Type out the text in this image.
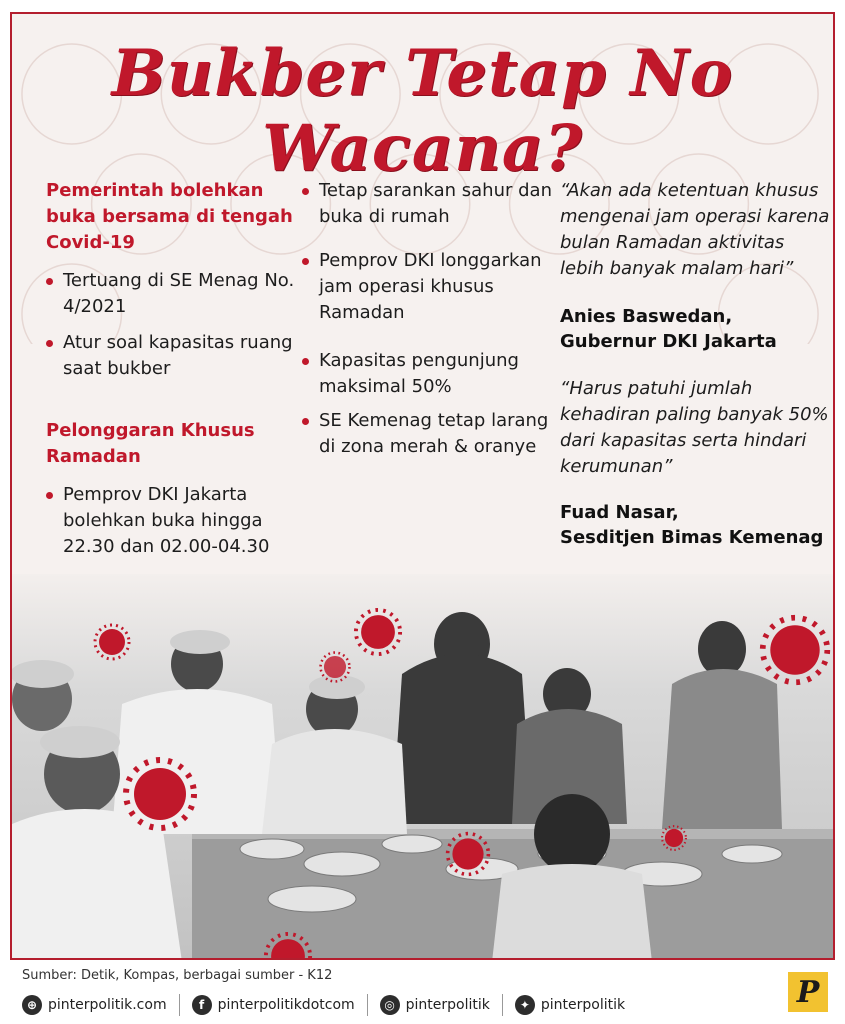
Bukber Tetap No Wacana?
Pemerintah bolehkan buka bersama di tengah Covid-19
Tertuang di SE Menag No. 4/2021
Atur soal kapasitas ruang saat bukber
Pelonggaran Khusus Ramadan
Pemprov DKI Jakarta bolehkan buka hingga 22.30 dan 02.00-04.30
Tetap sarankan sahur dan buka di rumah
Pemprov DKI longgarkan jam operasi khusus Ramadan
Kapasitas pengunjung maksimal 50%
SE Kemenag tetap larang di zona merah & oranye
“Akan ada ketentuan khusus mengenai jam operasi karena bulan Ramadan aktivitas lebih banyak malam hari”
Anies Baswedan,
Gubernur DKI Jakarta
“Harus patuhi jumlah kehadiran paling banyak 50% dari kapasitas serta hindari kerumunan”
Fuad Nasar,
Sesditjen Bimas Kemenag
Sumber: Detik, Kompas, berbagai sumber - K12
⊕ pinterpolitik.com	f pinterpolitikdotcom	◎ pinterpolitik	✦ pinterpolitik	P
